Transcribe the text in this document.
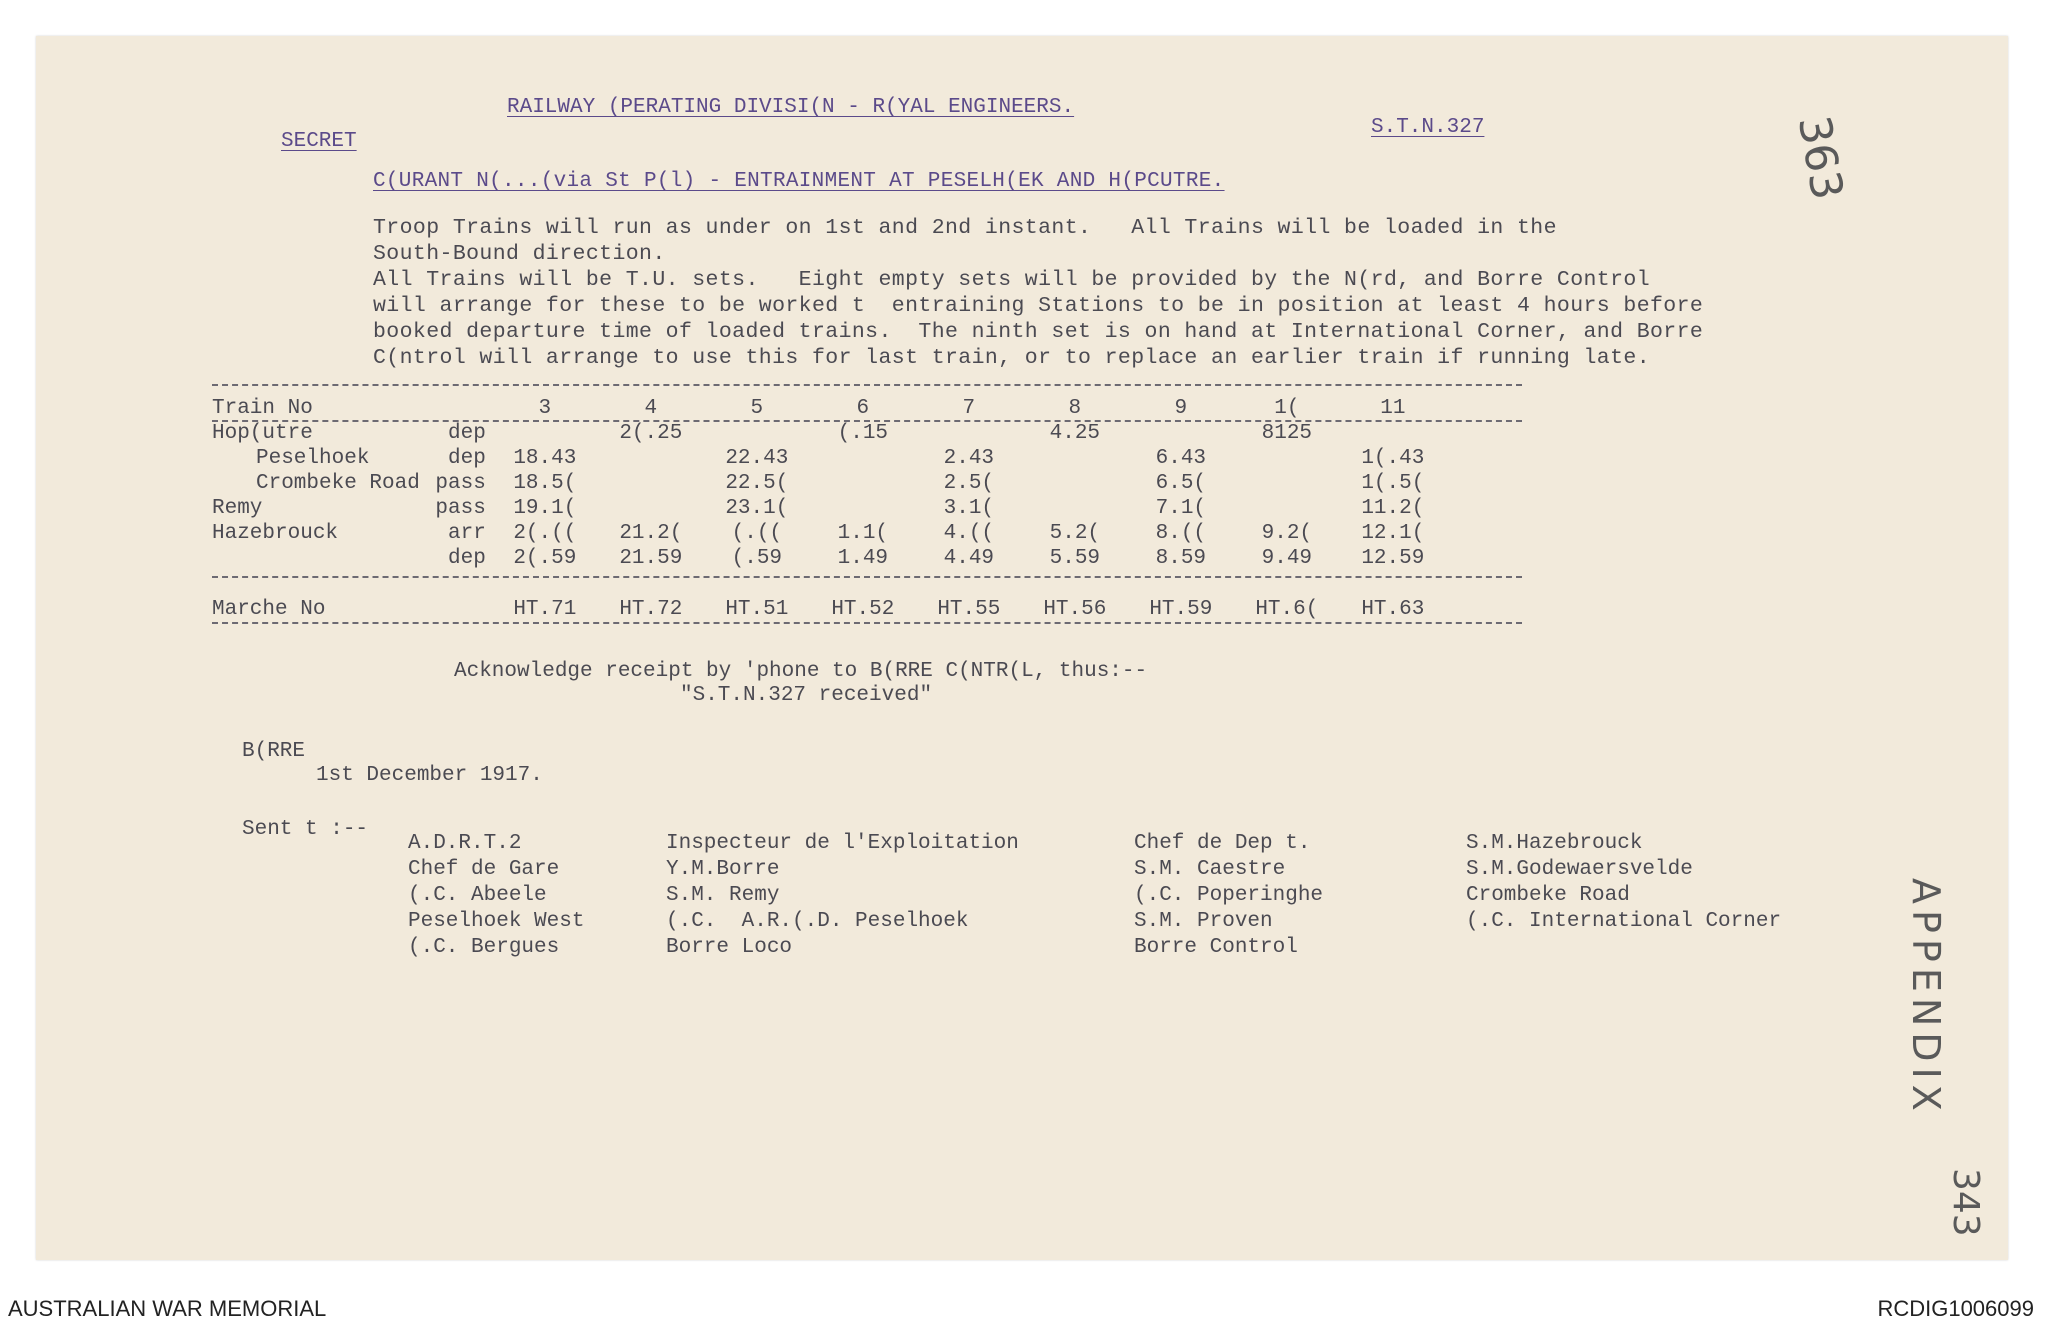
RAILWAY (PERATING DIVISI(N - R(YAL ENGINEERS.
SECRET
S.T.N.327
C(URANT N(...(via St P(l) - ENTRAINMENT AT PESELH(EK AND H(PCUTRE.
Troop Trains will run as under on 1st and 2nd instant.   All Trains will be loaded in the
South-Bound direction.
All Trains will be T.U. sets.   Eight empty sets will be provided by the N(rd, and Borre Control
will arrange for these to be worked t  entraining Stations to be in position at least 4 hours before
booked departure time of loaded trains.  The ninth set is on hand at International Corner, and Borre
C(ntrol will arrange to use this for last train, or to replace an earlier train if running late.
Train No		3	4	5	6	7	8	9	1(	11
Hop(utre	dep		2(.25		(.15		4.25		8125	
Peselhoek	dep	18.43		22.43		2.43		6.43		1(.43
Crombeke Road	pass	18.5(		22.5(		2.5(		6.5(		1(.5(
Remy	pass	19.1(		23.1(		3.1(		7.1(		11.2(
Hazebrouck	arr	2(.((	21.2(	(.((	1.1(	4.((	5.2(	8.((	9.2(	12.1(
	dep	2(.59	21.59	(.59	1.49	4.49	5.59	8.59	9.49	12.59

Marche No		HT.71	HT.72	HT.51	HT.52	HT.55	HT.56	HT.59	HT.6(	HT.63
Acknowledge receipt by 'phone to B(RRE C(NTR(L, thus:--
"S.T.N.327 received"
B(RRE
1st December 1917.
Sent t :--
A.D.R.T.2
Chef de Gare
(.C. Abeele
Peselhoek West
(.C. Bergues
Inspecteur de l'Exploitation
Y.M.Borre
S.M. Remy
(.C.  A.R.(.D. Peselhoek
Borre Loco
Chef de Dep t.
S.M. Caestre
(.C. Poperinghe
S.M. Proven
Borre Control
S.M.Hazebrouck
S.M.Godewaersvelde
Crombeke Road
(.C. International Corner
363
APPENDIX
343
AUSTRALIAN WAR MEMORIAL	RCDIG1006099
